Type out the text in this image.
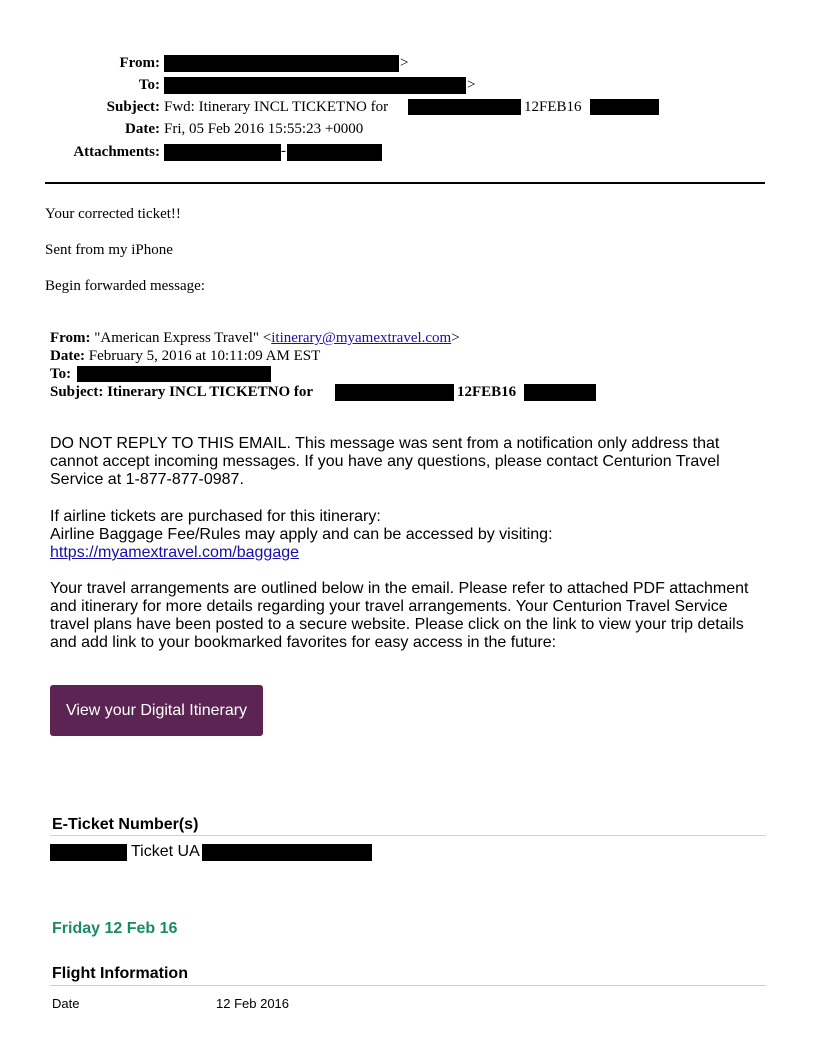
From:	>
To:	>
Subject: Fwd: Itinerary INCL TICKETNO for	12FEB16
Date: Fri, 05 Feb 2016 15:55:23 +0000
Attachments:	-
Your corrected ticket!!
Sent from my iPhone
Begin forwarded message:
From: "American Express Travel" <itinerary@myamextravel.com>
Date: February 5, 2016 at 10:11:09 AM EST
To:
Subject: Itinerary INCL TICKETNO for	12FEB16
DO NOT REPLY TO THIS EMAIL. This message was sent from a notification only address that cannot accept incoming messages. If you have any questions, please contact Centurion Travel Service at 1-877-877-0987.
If airline tickets are purchased for this itinerary:
Airline Baggage Fee/Rules may apply and can be accessed by visiting:
https://myamextravel.com/baggage
Your travel arrangements are outlined below in the email. Please refer to attached PDF attachment and itinerary for more details regarding your travel arrangements. Your Centurion Travel Service travel plans have been posted to a secure website. Please click on the link to view your trip details and add link to your bookmarked favorites for easy access in the future:
View your Digital Itinerary
E-Ticket Number(s)
Ticket UA
Friday 12 Feb 16
Flight Information
Date	12 Feb 2016
